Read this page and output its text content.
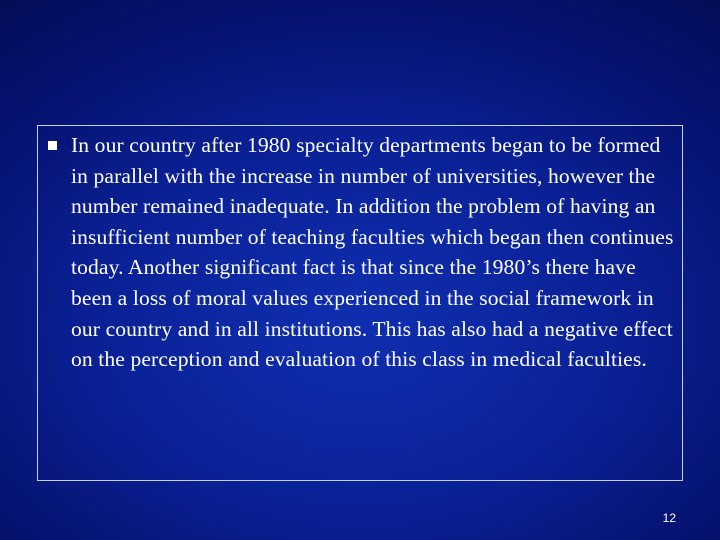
In our country after 1980 specialty departments began to be formed in parallel with the increase in number of universities, however the number remained inadequate. In addition the problem of having an insufficient number of teaching faculties which began then continues today. Another significant fact is that since the 1980’s there have been a loss of moral values experienced in the social framework in our country and in all institutions. This has also had a negative effect on the perception and evaluation of this class in medical faculties.

12
